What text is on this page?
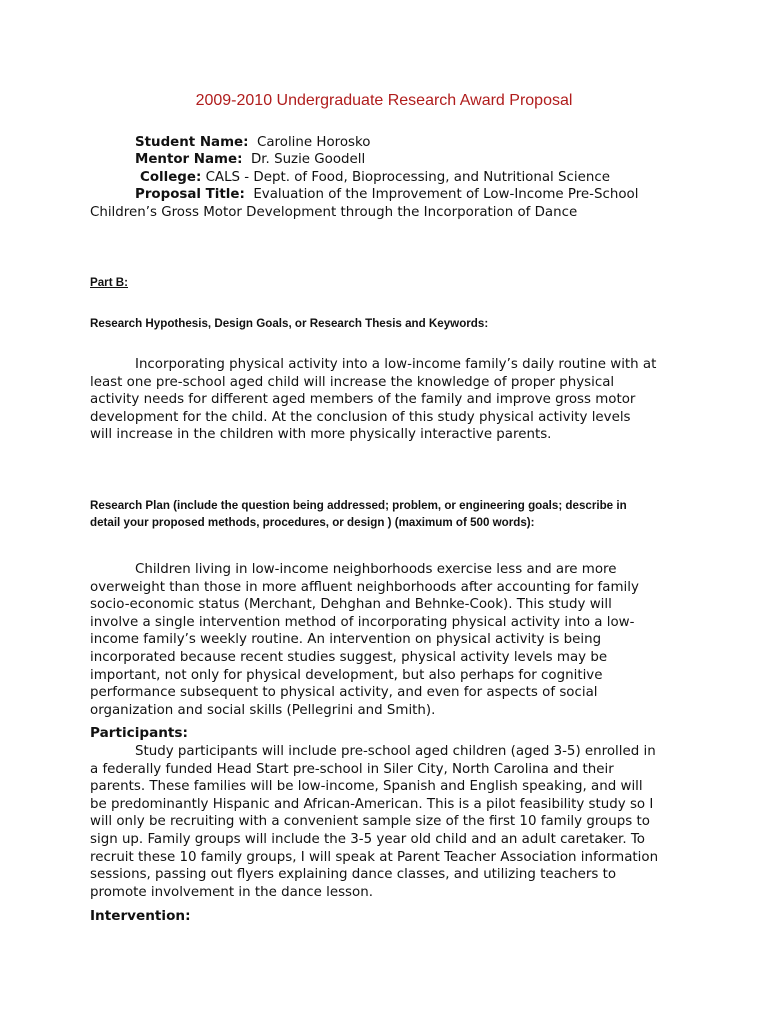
2009-2010 Undergraduate Research Award Proposal
Student Name: Caroline Horosko
Mentor Name: Dr. Suzie Goodell
College: CALS - Dept. of Food, Bioprocessing, and Nutritional Science
Proposal Title: Evaluation of the Improvement of Low-Income Pre-School
Children’s Gross Motor Development through the Incorporation of Dance
Part B:
Research Hypothesis, Design Goals, or Research Thesis and Keywords:
Incorporating physical activity into a low-income family’s daily routine with at
least one pre-school aged child will increase the knowledge of proper physical
activity needs for different aged members of the family and improve gross motor
development for the child. At the conclusion of this study physical activity levels
will increase in the children with more physically interactive parents.
Research Plan (include the question being addressed; problem, or engineering goals; describe in
detail your proposed methods, procedures, or design ) (maximum of 500 words):
Children living in low-income neighborhoods exercise less and are more
overweight than those in more affluent neighborhoods after accounting for family
socio-economic status (Merchant, Dehghan and Behnke-Cook). This study will
involve a single intervention method of incorporating physical activity into a low-
income family’s weekly routine. An intervention on physical activity is being
incorporated because recent studies suggest, physical activity levels may be
important, not only for physical development, but also perhaps for cognitive
performance subsequent to physical activity, and even for aspects of social
organization and social skills (Pellegrini and Smith).
Participants:
Study participants will include pre-school aged children (aged 3-5) enrolled in
a federally funded Head Start pre-school in Siler City, North Carolina and their
parents. These families will be low-income, Spanish and English speaking, and will
be predominantly Hispanic and African-American. This is a pilot feasibility study so I
will only be recruiting with a convenient sample size of the first 10 family groups to
sign up. Family groups will include the 3-5 year old child and an adult caretaker. To
recruit these 10 family groups, I will speak at Parent Teacher Association information
sessions, passing out flyers explaining dance classes, and utilizing teachers to
promote involvement in the dance lesson.
Intervention:
